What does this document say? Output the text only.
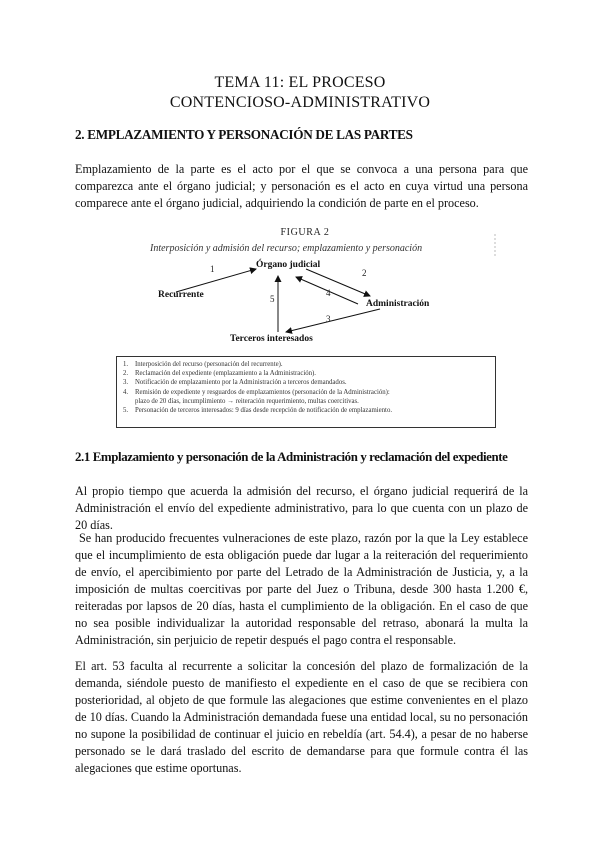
TEMA 11: EL PROCESO
CONTENCIOSO-ADMINISTRATIVO
2. EMPLAZAMIENTO Y PERSONACIÓN DE LAS PARTES

Emplazamiento de la parte es el acto por el que se convoca a una persona para que comparezca ante el órgano judicial; y personación es el acto en cuya virtud una persona comparece ante el órgano judicial, adquiriendo la condición de parte en el proceso.

FIGURA 2
Interposición y admisión del recurso; emplazamiento y personación
Órgano judicial
Recurrente
Administración
Terceros interesados
1	2
3
4
5
1. Interposición del recurso (personación del recurrente).
2. Reclamación del expediente (emplazamiento a la Administración).
3. Notificación de emplazamiento por la Administración a terceros demandados.
4. Remisión de expediente y resguardos de emplazamientos (personación de la Administración):
plazo de 20 días, incumplimiento → reiteración requerimiento, multas coercitivas.
5. Personación de terceros interesados: 9 días desde recepción de notificación de emplazamiento.
2.1 Emplazamiento y personación de la Administración y reclamación del expediente

Al propio tiempo que acuerda la admisión del recurso, el órgano judicial requerirá de la Administración el envío del expediente administrativo, para lo que cuenta con un plazo de 20 días.

Se han producido frecuentes vulneraciones de este plazo, razón por la que la Ley establece que el incumplimiento de esta obligación puede dar lugar a la reiteración del requerimiento de envío, el apercibimiento por parte del Letrado de la Administración de Justicia, y, a la imposición de multas coercitivas por parte del Juez o Tribuna, desde 300 hasta 1.200 €, reiteradas por lapsos de 20 días, hasta el cumplimiento de la obligación. En el caso de que no sea posible individualizar la autoridad responsable del retraso, abonará la multa la Administración, sin perjuicio de repetir después el pago contra el responsable.

El art. 53 faculta al recurrente a solicitar la concesión del plazo de formalización de la demanda, siéndole puesto de manifiesto el expediente en el caso de que se recibiera con posterioridad, al objeto de que formule las alegaciones que estime convenientes en el plazo de 10 días. Cuando la Administración demandada fuese una entidad local, su no personación no supone la posibilidad de continuar el juicio en rebeldía (art. 54.4), a pesar de no haberse personado se le dará traslado del escrito de demandarse para que formule contra él las alegaciones que estime oportunas.
